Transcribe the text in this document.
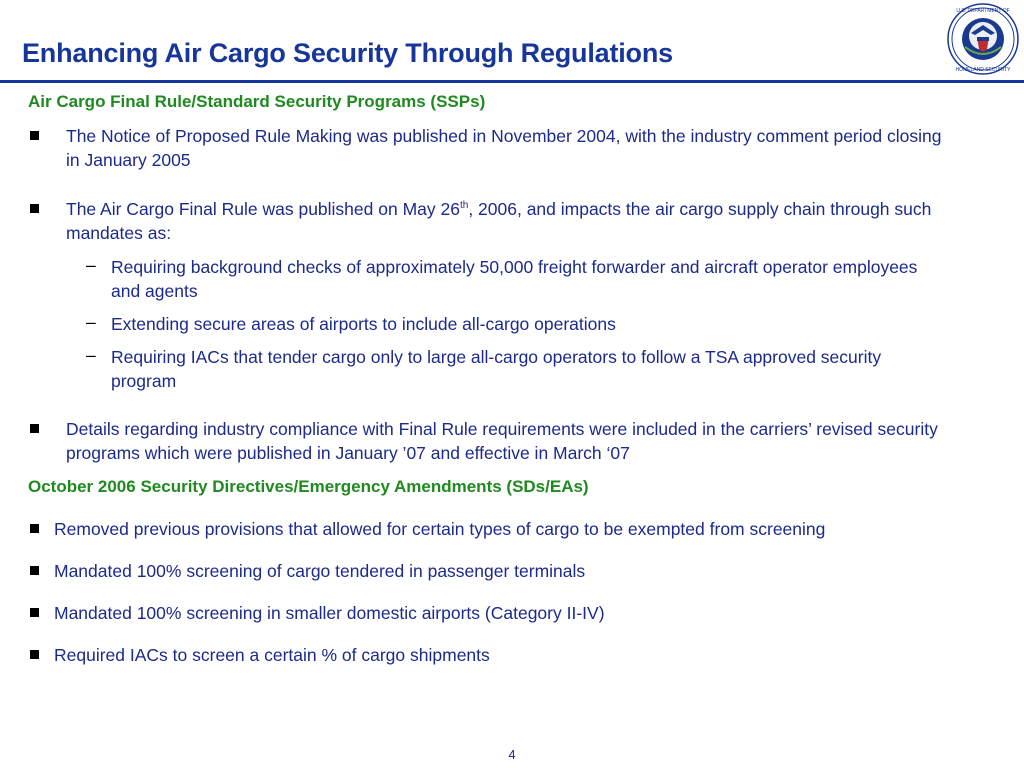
Enhancing Air Cargo Security Through Regulations
U.S. DEPARTMENT OF
HOMELAND SECURITY
Air Cargo Final Rule/Standard Security Programs (SSPs)
The Notice of Proposed Rule Making was published in November 2004, with the industry comment period closing in January 2005
The Air Cargo Final Rule was published on May 26th, 2006, and impacts the air cargo supply chain through such mandates as:
– Requiring background checks of approximately 50,000 freight forwarder and aircraft operator employees and agents
– Extending secure areas of airports to include all-cargo operations
– Requiring IACs that tender cargo only to large all-cargo operators to follow a TSA approved security program
Details regarding industry compliance with Final Rule requirements were included in the carriers’ revised security programs which were published in January ’07 and effective in March ‘07
October 2006 Security Directives/Emergency Amendments (SDs/EAs)
Removed previous provisions that allowed for certain types of cargo to be exempted from screening
Mandated 100% screening of cargo tendered in passenger terminals
Mandated 100% screening in smaller domestic airports (Category II-IV)
Required IACs to screen a certain % of cargo shipments
4
